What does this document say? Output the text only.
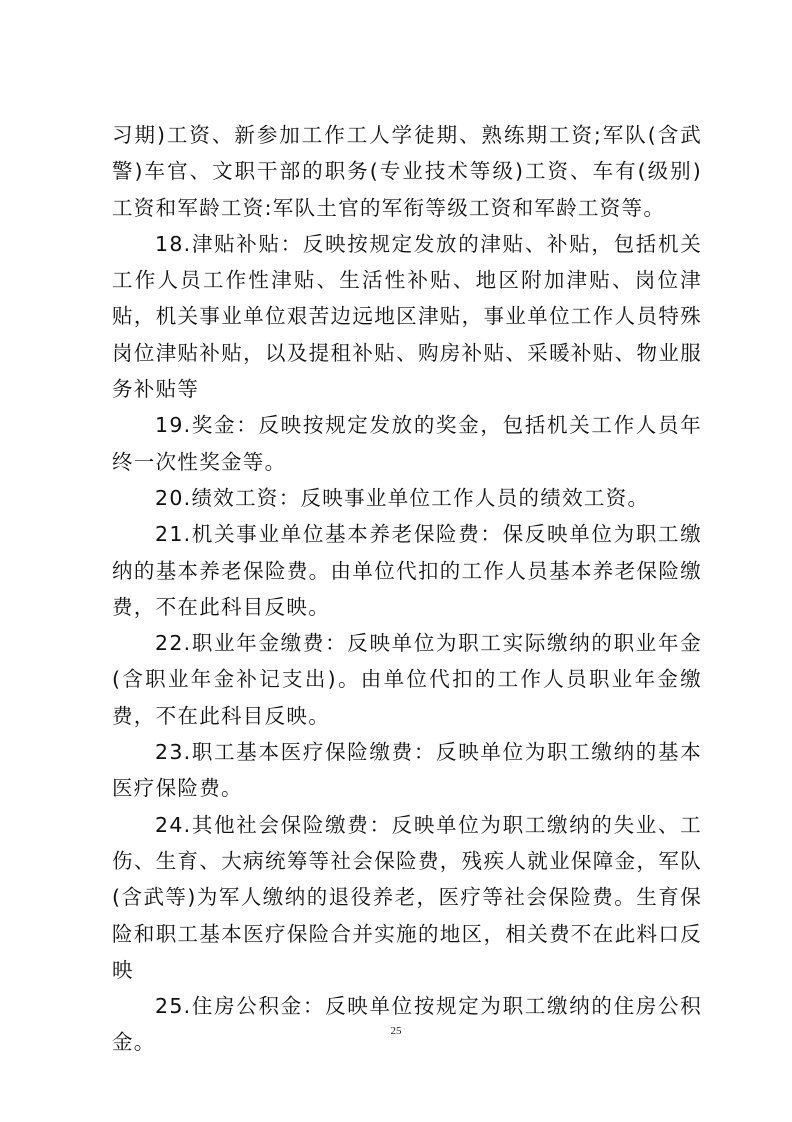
习期)工资、新参加工作工人学徒期、熟练期工资;军队(含武警)车官、文职干部的职务(专业技术等级)工资、车有(级别)工资和军龄工资:军队土官的军衔等级工资和军龄工资等。

18.津贴补贴：反映按规定发放的津贴、补贴，包括机关工作人员工作性津贴、生活性补贴、地区附加津贴、岗位津贴，机关事业单位艰苦边远地区津贴，事业单位工作人员特殊岗位津贴补贴，以及提租补贴、购房补贴、采暖补贴、物业服务补贴等

19.奖金：反映按规定发放的奖金，包括机关工作人员年终一次性奖金等。

20.绩效工资：反映事业单位工作人员的绩效工资。

21.机关事业单位基本养老保险费：保反映单位为职工缴纳的基本养老保险费。由单位代扣的工作人员基本养老保险缴费，不在此科目反映。

22.职业年金缴费：反映单位为职工实际缴纳的职业年金(含职业年金补记支出)。由单位代扣的工作人员职业年金缴费，不在此科目反映。

23.职工基本医疗保险缴费：反映单位为职工缴纳的基本医疗保险费。

24.其他社会保险缴费：反映单位为职工缴纳的失业、工伤、生育、大病统筹等社会保险费，残疾人就业保障金，军队(含武等)为军人缴纳的退役养老，医疗等社会保险费。生育保险和职工基本医疗保险合并实施的地区，相关费不在此料口反映

25.住房公积金：反映单位按规定为职工缴纳的住房公积金。	25
